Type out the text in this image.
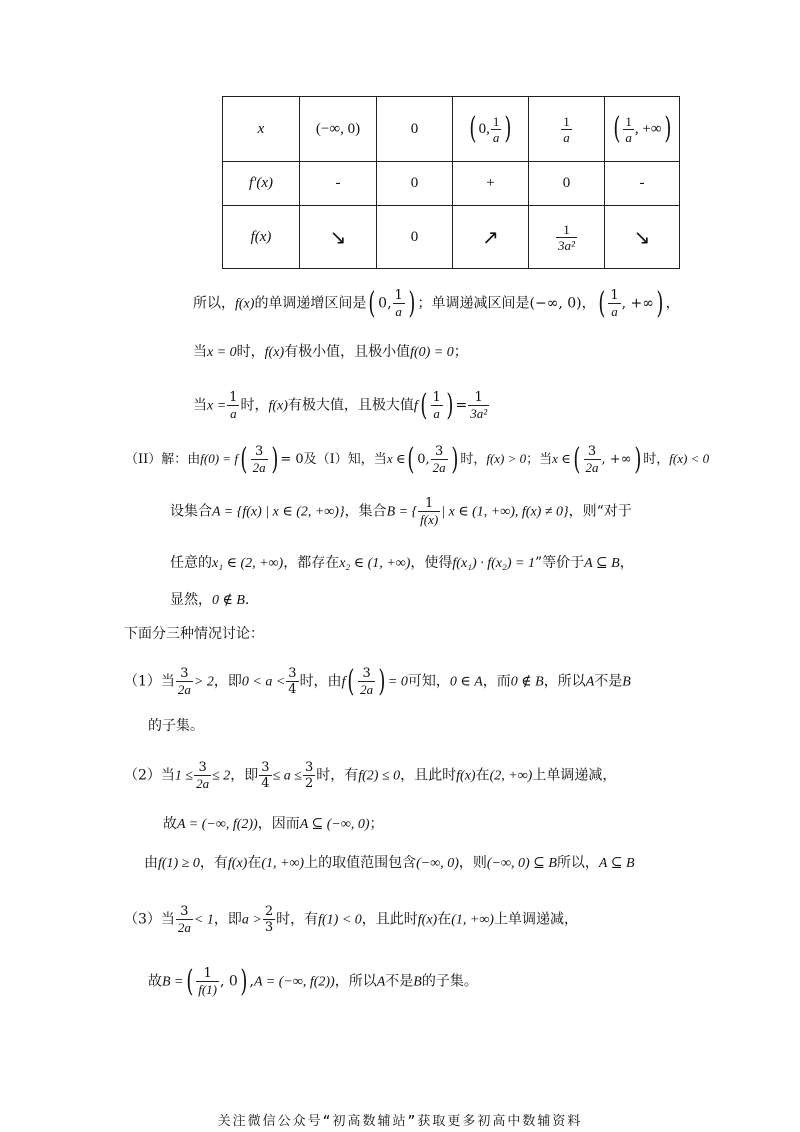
x	(−∞, 0)	0	( 0, $\frac{1}{a}$ )	$\frac{1}{a}$	( $\frac{1}{a}$ , +∞)
f′(x)	-	0	+	0	-
f(x)	↘	0	↗	$\frac{1}{\text{3a²}}$	↘
所以，f(x)的单调递增区间是( 0, $\frac{1}{a}$ ) ；单调递减区间是(−∞, 0)，( $\frac{1}{a}$ , +∞) ，
当x = 0时，f(x)有极小值，且极小值f(0) = 0；
当$x = \frac{1}{a}$ 时，f(x)有极大值，且极大值$f( \frac{1}{a}$ ) = $\frac{1}{\text{3a²}}$
（II）解：由$f(0) = f( \frac{3}{2a}$ ) = 0及（I）知，当x ∈( 0, $\frac{3}{2a}$ ) 时，f(x) > 0；当x ∈( $\frac{3}{2a}$ , +∞) 时，f(x) < 0
设集合A = {f(x) | x ∈ (2, +∞)}，集合B = { $\frac{1}{f(x)}$ | x ∈ (1, +∞), f(x) ≠ 0}，则“对于
任意的x₁ ∈ (2, +∞)，都存在x₂ ∈ (1, +∞)，使得f(x₁) · f(x₂) = 1”等价于A ⊆ B，
显然，0 ∉ B.
下面分三种情况讨论：
（1）当 $\frac{3}{2a} > 2$，即$0 < a < \frac{3}{4}$ 时，由$f( \frac{3}{2a}$ ) = 0可知，0 ∈ A，而0 ∉ B，所以A不是B
的子集。
（2）当$1 \le \frac{3}{2a} \le 2$，即 $\frac{3}{4} \le a \le \frac{3}{2}$ 时，有f(2) ≤ 0，且此时f(x)在(2, +∞)上单调递减，
故A = (−∞, f(2))，因而A ⊆ (−∞, 0)；
由f(1) ≥ 0，有f(x)在(1, +∞)上的取值范围包含(−∞, 0)，则(−∞, 0) ⊆ B所以，A ⊆ B
（3）当 $\frac{3}{2a} < 1$，即$a > \frac{2}{3}$ 时，有f(1) < 0，且此时f(x)在(1, +∞)上单调递减，
故B =( $\frac{1}{f(1)}$ , 0) ,A = (−∞, f(2))，所以A不是B的子集。
关注微信公众号“初高数辅站”获取更多初高中数辅资料
